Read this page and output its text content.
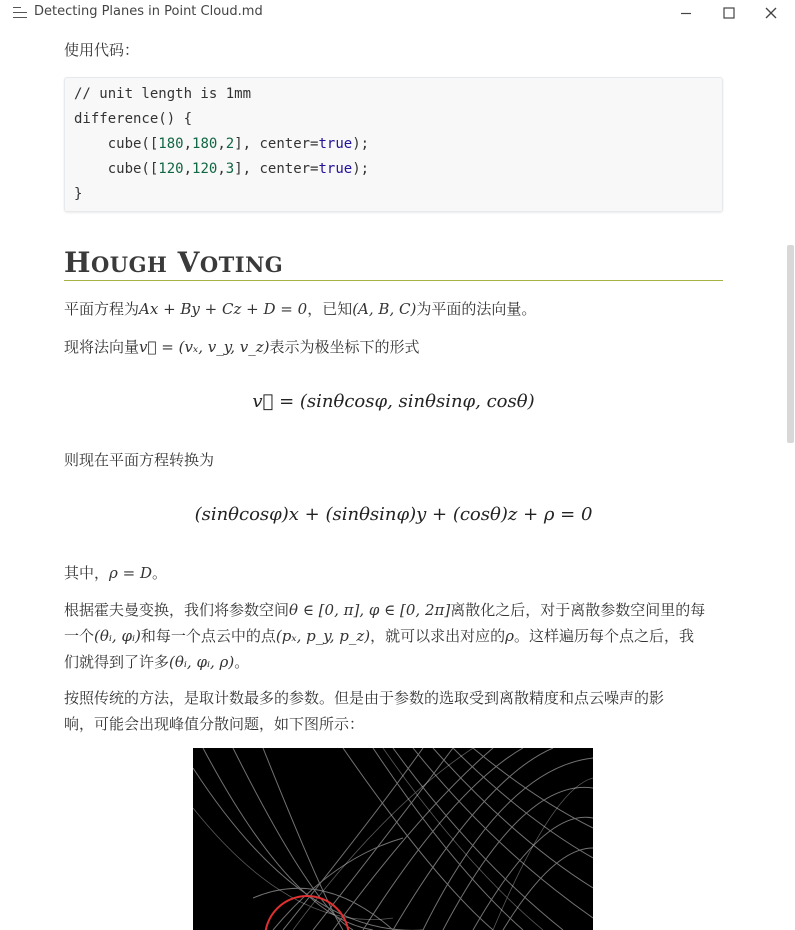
Detecting Planes in Point Cloud.md
使用代码：
// unit length is 1mm
difference() {
cube([180,180,2], center=true);
cube([120,120,3], center=true);
}
HOUGH VOTING
平面方程为Ax + By + Cz + D = 0，已知(A, B, C)为平面的法向量。
现将法向量v⃗ = (vₓ, v_y, v_z)表示为极坐标下的形式
v⃗ = (sinθcosφ, sinθsinφ, cosθ)
则现在平面方程转换为
(sinθcosφ)x + (sinθsinφ)y + (cosθ)z + ρ = 0
其中，ρ = D。
根据霍夫曼变换，我们将参数空间θ ∈ [0, π], φ ∈ [0, 2π]离散化之后，对于离散参数空间里的每
一个(θᵢ, φᵢ)和每一个点云中的点(pₓ, p_y, p_z)，就可以求出对应的ρ。这样遍历每个点之后，我
们就得到了许多(θᵢ, φᵢ, ρ)。
按照传统的方法，是取计数最多的参数。但是由于参数的选取受到离散精度和点云噪声的影
响，可能会出现峰值分散问题，如下图所示：
